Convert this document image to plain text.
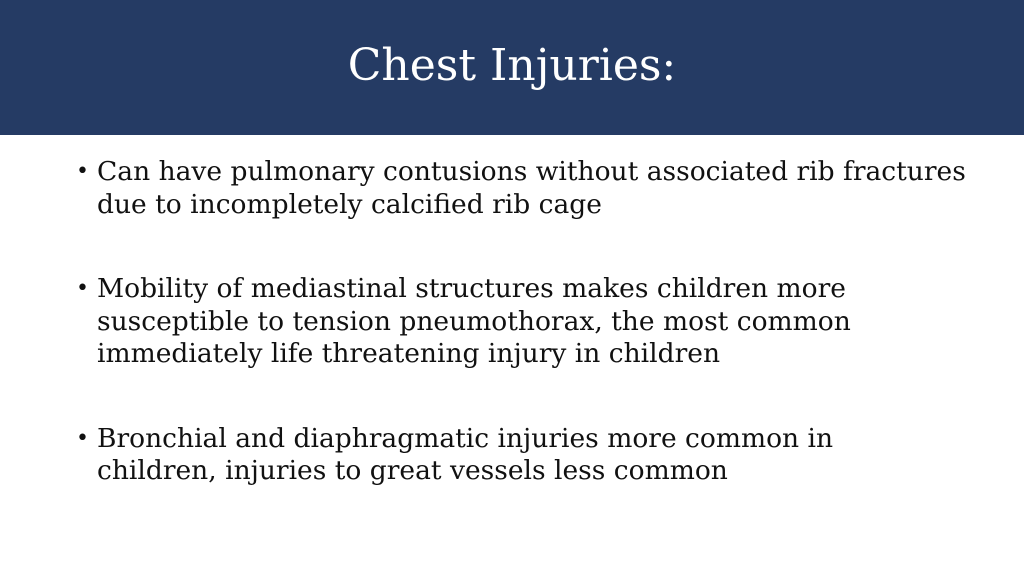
Chest Injuries:
• Can have pulmonary contusions without associated rib fractures
due to incompletely calcified rib cage
• Mobility of mediastinal structures makes children more
susceptible to tension pneumothorax, the most common
immediately life threatening injury in children
• Bronchial and diaphragmatic injuries more common in
children, injuries to great vessels less common
